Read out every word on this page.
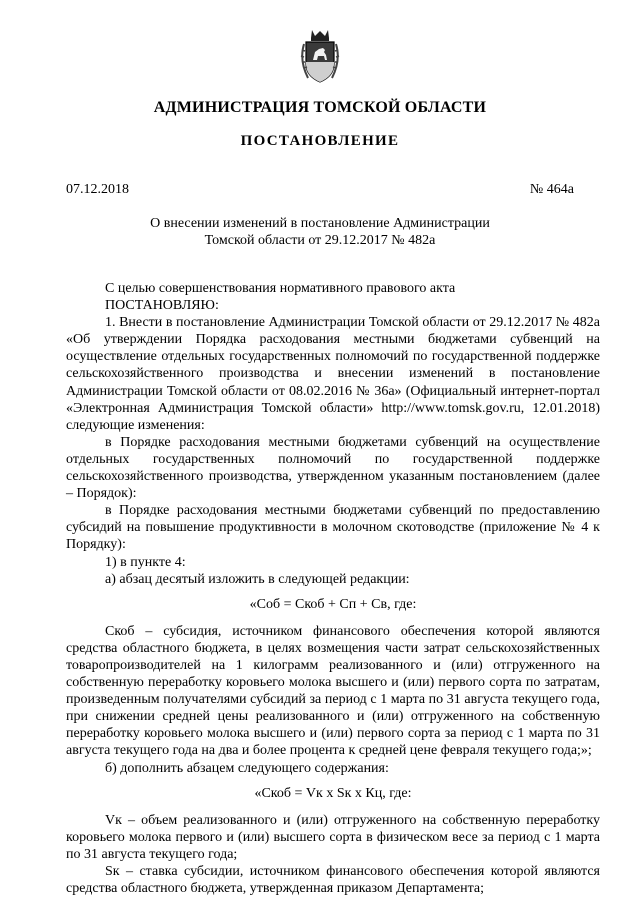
АДМИНИСТРАЦИЯ ТОМСКОЙ ОБЛАСТИ
ПОСТАНОВЛЕНИЕ
07.12.2018	№ 464а
О внесении изменений в постановление Администрации
Томской области от 29.12.2017 № 482а

С целью совершенствования нормативного правового акта

ПОСТАНОВЛЯЮ:

1. Внести в постановление Администрации Томской области от 29.12.2017 № 482а «Об утверждении Порядка расходования местными бюджетами субвенций на осуществление отдельных государственных полномочий по государственной поддержке сельскохозяйственного производства и внесении изменений в постановление Администрации Томской области от 08.02.2016 № 36а» (Официальный интернет-портал «Электронная Администрация Томской области» http://www.tomsk.gov.ru, 12.01.2018) следующие изменения:

в Порядке расходования местными бюджетами субвенций на осуществление отдельных государственных полномочий по государственной поддержке сельскохозяйственного производства, утвержденном указанным постановлением (далее – Порядок):

в Порядке расходования местными бюджетами субвенций по предоставлению субсидий на повышение продуктивности в молочном скотоводстве (приложение № 4 к Порядку):

1) в пункте 4:

а) абзац десятый изложить в следующей редакции:

«Соб = Скоб + Сп + Св, где:

Скоб – субсидия, источником финансового обеспечения которой являются средства областного бюджета, в целях возмещения части затрат сельскохозяйственных товаропроизводителей на 1 килограмм реализованного и (или) отгруженного на собственную переработку коровьего молока высшего и (или) первого сорта по затратам, произведенным получателями субсидий за период с 1 марта по 31 августа текущего года, при снижении средней цены реализованного и (или) отгруженного на собственную переработку коровьего молока высшего и (или) первого сорта за период с 1 марта по 31 августа текущего года на два и более процента к средней цене февраля текущего года;»;

б) дополнить абзацем следующего содержания:

«Скоб = Vк x Sк x Кц, где:

Vк – объем реализованного и (или) отгруженного на собственную переработку коровьего молока первого и (или) высшего сорта в физическом весе за период с 1 марта по 31 августа текущего года;

Sк – ставка субсидии, источником финансового обеспечения которой являются средства областного бюджета, утвержденная приказом Департамента;
